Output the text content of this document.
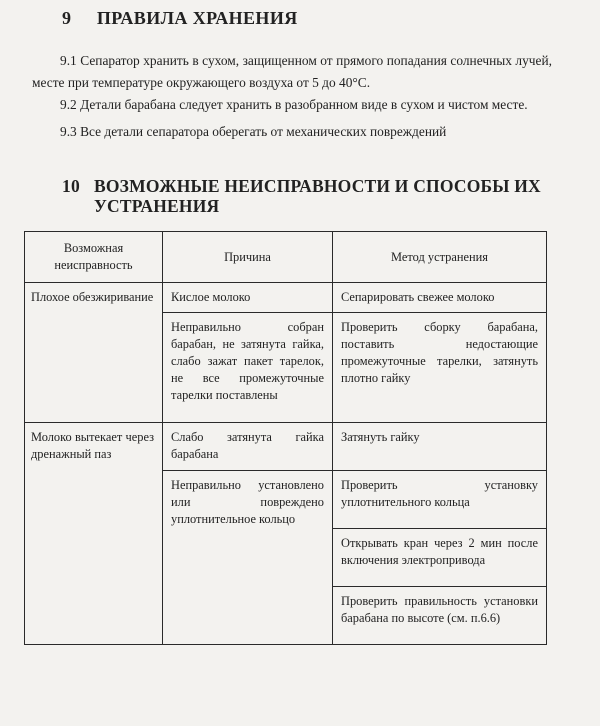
9 ПРАВИЛА ХРАНЕНИЯ
9.1 Сепаратор хранить в сухом, защищенном от прямого попадания солнечных лучей, месте при температуре окружающего воздуха от 5 до 40°C.
9.2 Детали барабана следует хранить в разобранном виде в сухом и чистом месте.
9.3 Все детали сепаратора оберегать от механических повреждений
10 ВОЗМОЖНЫЕ НЕИСПРАВНОСТИ И СПОСОБЫ ИХ УСТРАНЕНИЯ
Возможная неисправность	Причина	Метод устранения

Плохое обезжиривание	Кислое молоко	Сепарировать свежее молоко

	Неправильно собран барабан, не затянута гайка, слабо зажат пакет тарелок, не все промежуточные тарелки поставлены	Проверить сборку барабана, поставить недостающие промежуточные тарелки, затянуть плотно гайку

Молоко вытекает через дренажный паз	Слабо затянута гайка барабана	Затянуть гайку

	Неправильно установлено или повреждено уплотнительное кольцо	Проверить установку уплотнительного кольца

		Открывать кран через 2 мин после включения электропривода

		Проверить правильность установки барабана по высоте (см. п.6.6)
